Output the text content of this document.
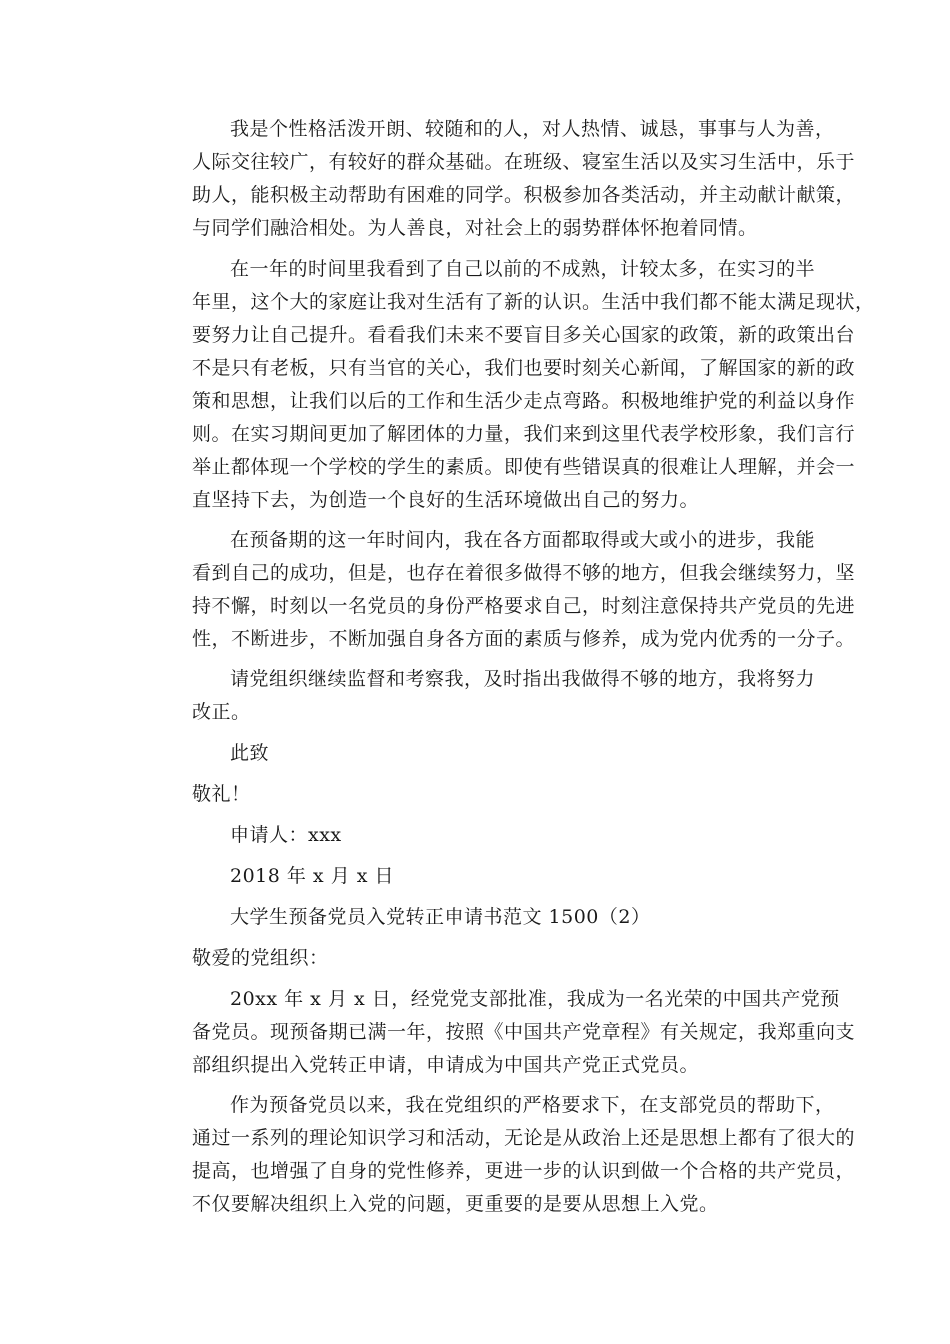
我是个性格活泼开朗、较随和的人，对人热情、诚恳，事事与人为善，
人际交往较广，有较好的群众基础。在班级、寝室生活以及实习生活中，乐于
助人，能积极主动帮助有困难的同学。积极参加各类活动，并主动献计献策，
与同学们融洽相处。为人善良，对社会上的弱势群体怀抱着同情。
在一年的时间里我看到了自己以前的不成熟，计较太多，在实习的半
年里，这个大的家庭让我对生活有了新的认识。生活中我们都不能太满足现状，
要努力让自己提升。看看我们未来不要盲目多关心国家的政策，新的政策出台
不是只有老板，只有当官的关心，我们也要时刻关心新闻，了解国家的新的政
策和思想，让我们以后的工作和生活少走点弯路。积极地维护党的利益以身作
则。在实习期间更加了解团体的力量，我们来到这里代表学校形象，我们言行
举止都体现一个学校的学生的素质。即使有些错误真的很难让人理解，并会一
直坚持下去，为创造一个良好的生活环境做出自己的努力。
在预备期的这一年时间内，我在各方面都取得或大或小的进步，我能
看到自己的成功，但是，也存在着很多做得不够的地方，但我会继续努力，坚
持不懈，时刻以一名党员的身份严格要求自己，时刻注意保持共产党员的先进
性，不断进步，不断加强自身各方面的素质与修养，成为党内优秀的一分子。
请党组织继续监督和考察我，及时指出我做得不够的地方，我将努力
改正。
此致
敬礼！
申请人：xxx
2018 年 x 月 x 日
大学生预备党员入党转正申请书范文 1500（2）
敬爱的党组织：
20xx 年 x 月 x 日，经党党支部批准，我成为一名光荣的中国共产党预
备党员。现预备期已满一年，按照《中国共产党章程》有关规定，我郑重向支
部组织提出入党转正申请，申请成为中国共产党正式党员。
作为预备党员以来，我在党组织的严格要求下，在支部党员的帮助下，
通过一系列的理论知识学习和活动，无论是从政治上还是思想上都有了很大的
提高，也增强了自身的党性修养，更进一步的认识到做一个合格的共产党员，
不仅要解决组织上入党的问题，更重要的是要从思想上入党。
